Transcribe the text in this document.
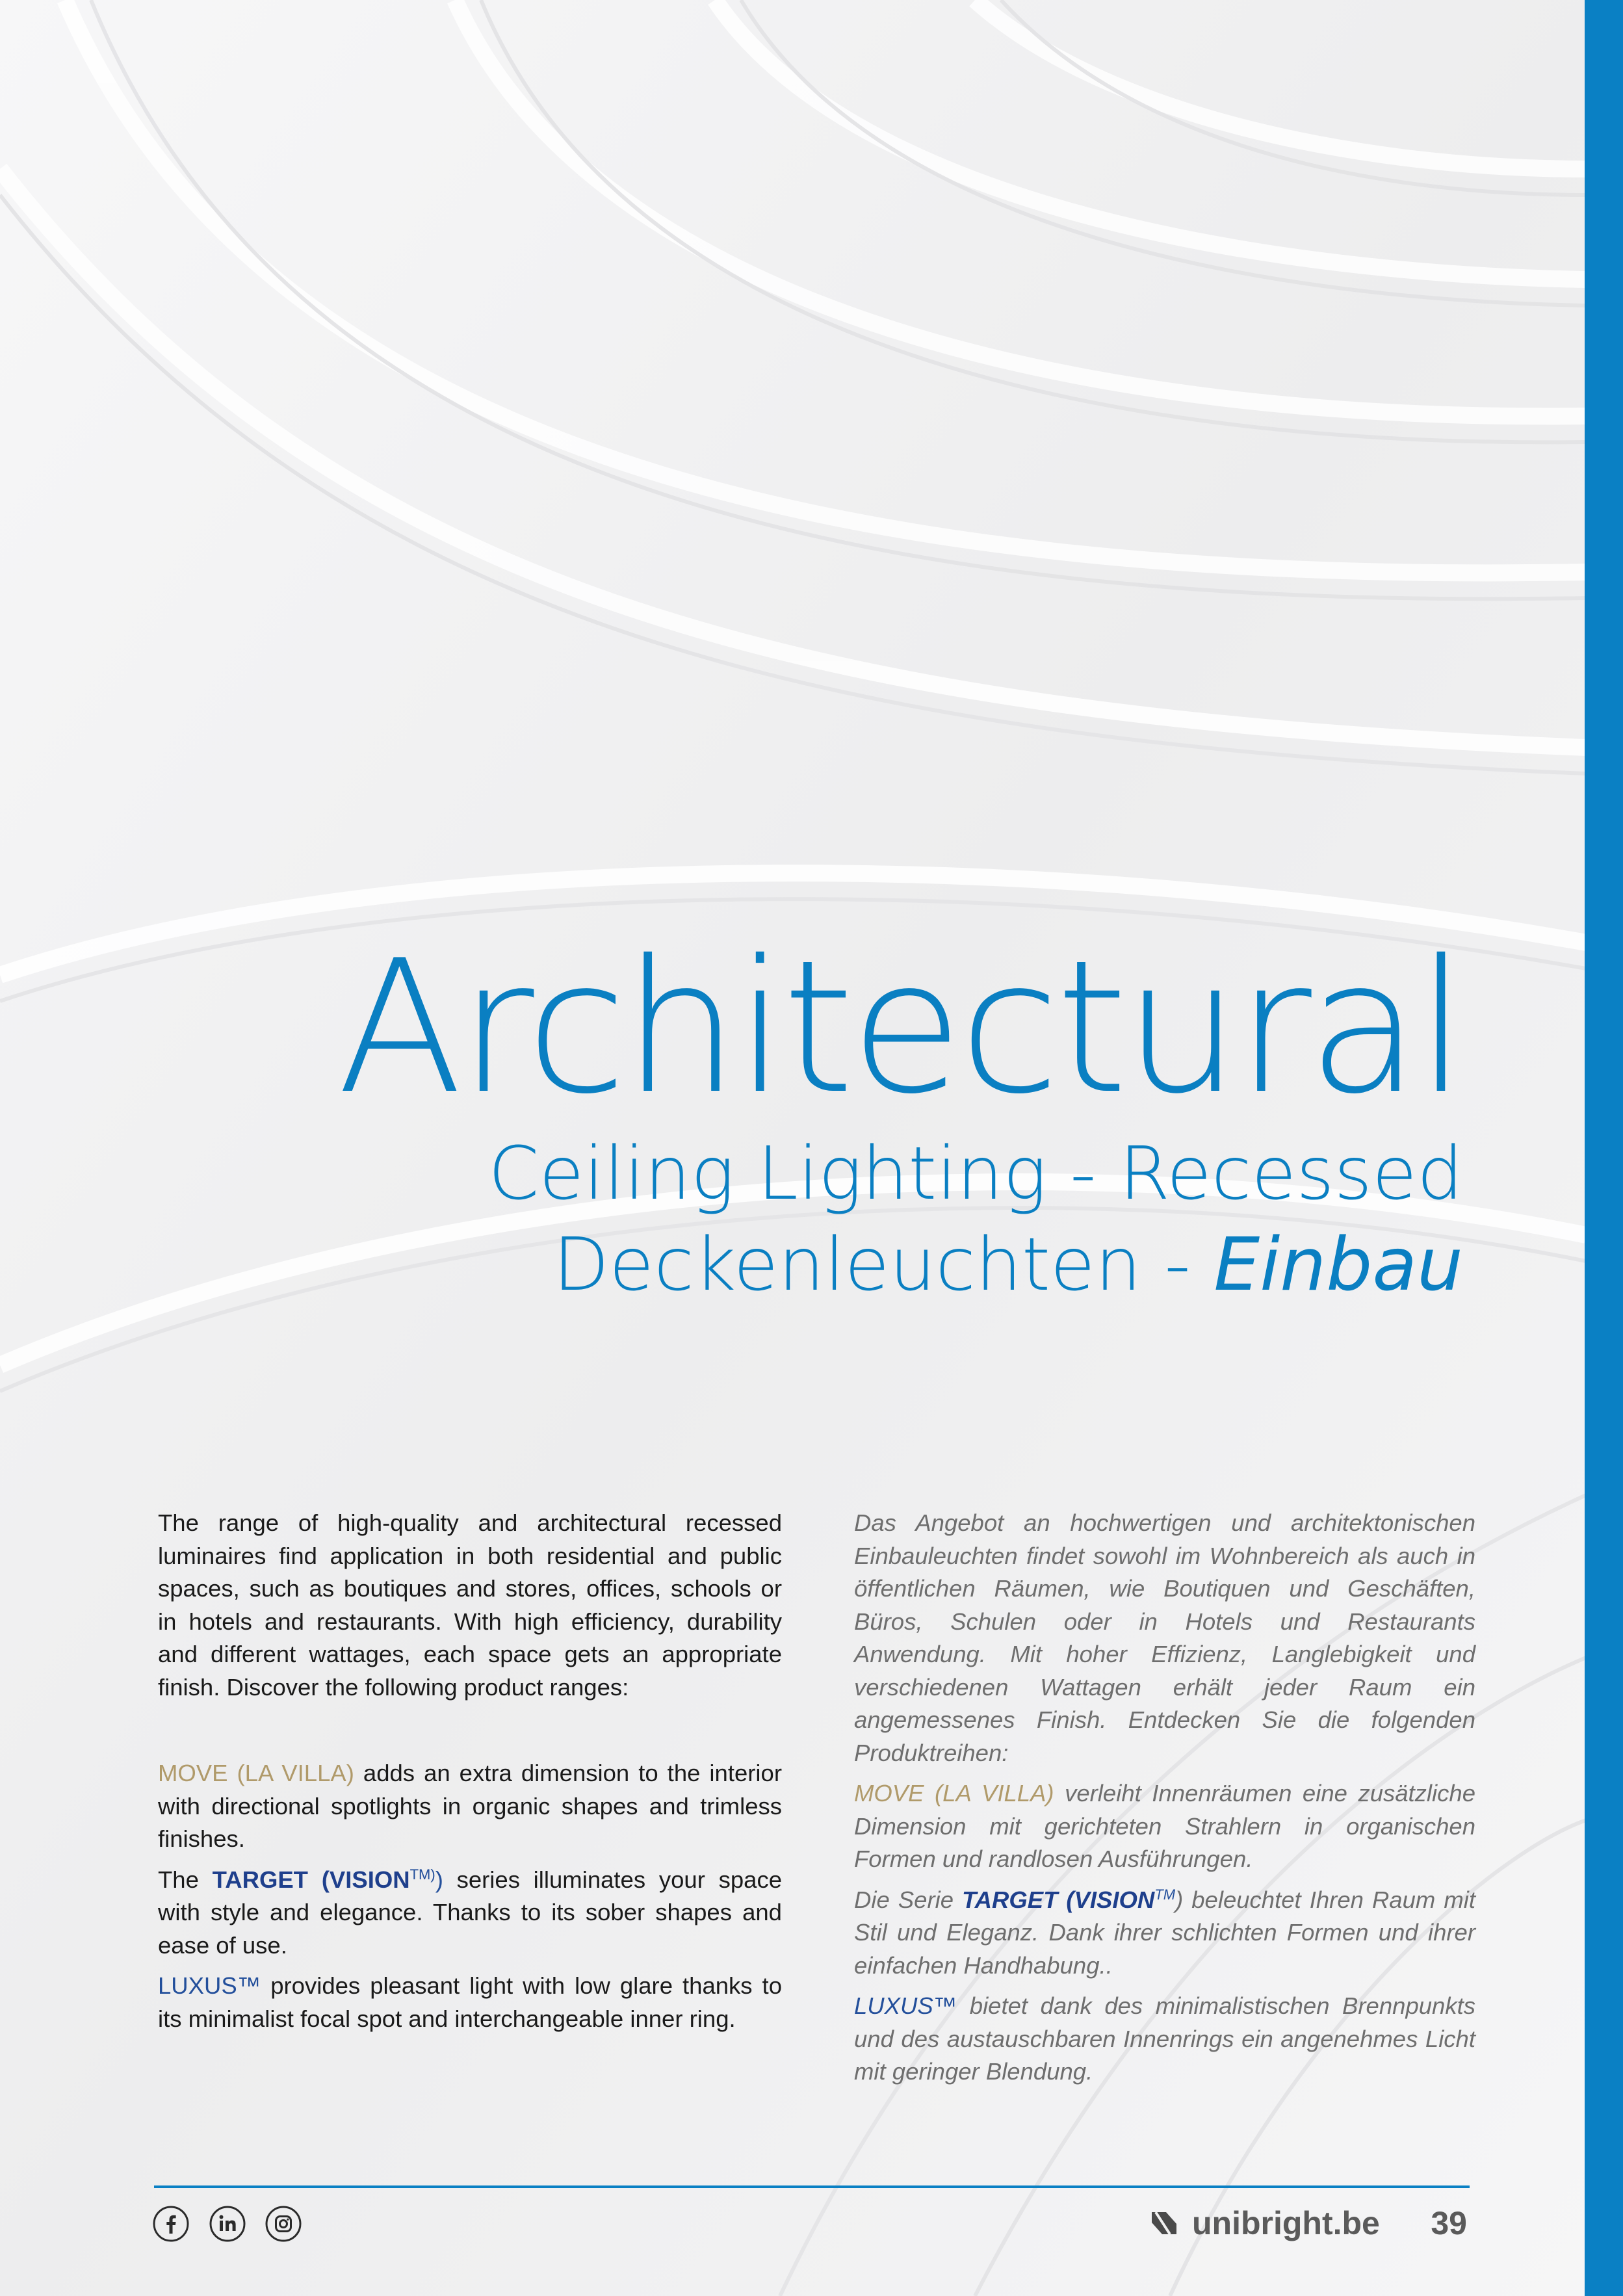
Architectural
Ceiling Lighting - Recessed
Deckenleuchten - Einbau

The range of high-quality and architectural recessed luminaires find application in both residential and public spaces, such as boutiques and stores, offices, schools or in hotels and restaurants. With high efficiency, durability and different wattages, each space gets an appropriate finish. Discover the following product ranges:

MOVE (LA VILLA) adds an extra dimension to the interior with directional spotlights in organic shapes and trimless finishes.

The TARGET $(VISION^{TM)})$ series illuminates your space with style and elegance. Thanks to its sober shapes and ease of use.

LUXUS™ provides pleasant light with low glare thanks to its minimalist focal spot and interchangeable inner ring.

Das Angebot an hochwertigen und architektonischen Einbauleuchten findet sowohl im Wohnbereich als auch in öffentlichen Räumen, wie Boutiquen und Geschäften, Büros, Schulen oder in Hotels und Restaurants Anwendung. Mit hoher Effizienz, Langlebigkeit und verschiedenen Wattagen erhält jeder Raum ein angemessenes Finish. Entdecken Sie die folgenden Produktreihen:

MOVE (LA VILLA) verleiht Innenräumen eine zusätzliche Dimension mit gerichteten Strahlern in organischen Formen und randlosen Ausführungen.

Die Serie TARGET (VISION™) beleuchtet Ihren Raum mit Stil und Eleganz. Dank ihrer schlichten Formen und ihrer einfachen Handhabung..

LUXUS™ bietet dank des minimalistischen Brennpunkts und des austauschbaren Innenrings ein angenehmes Licht mit geringer Blendung.

unibright.be 39
